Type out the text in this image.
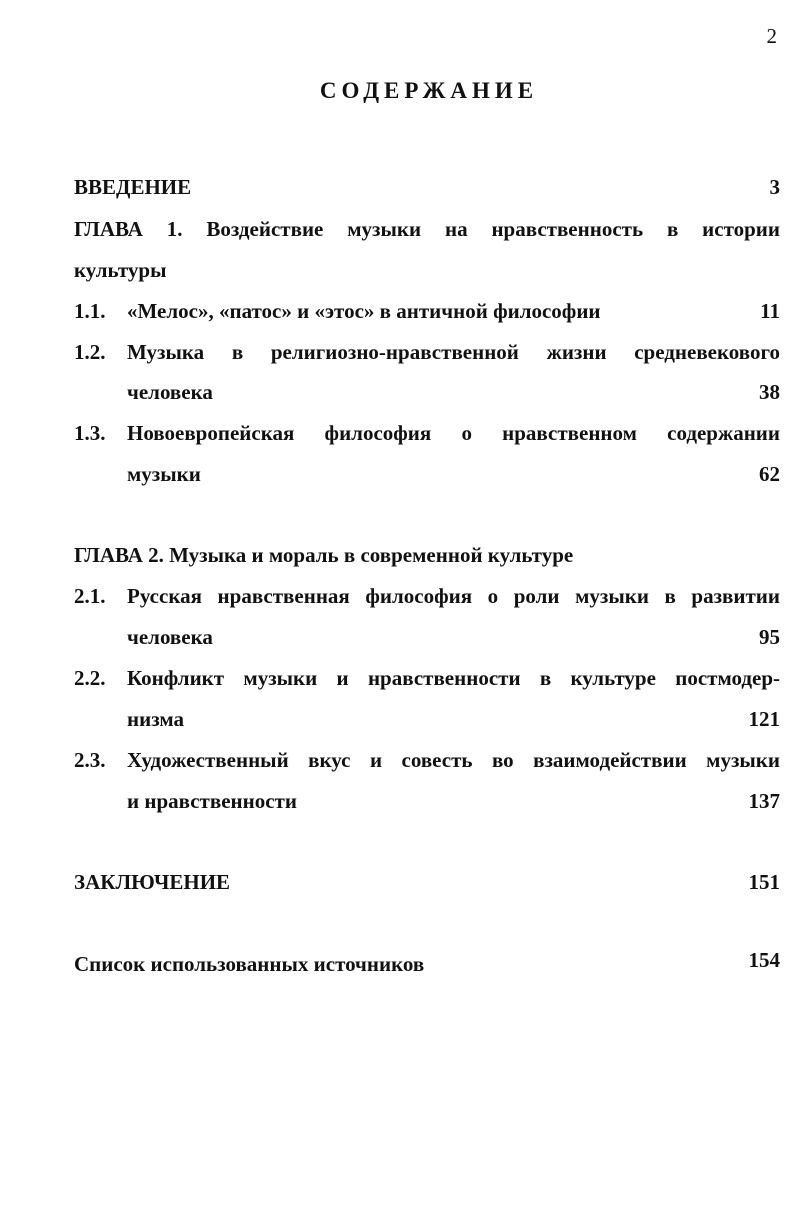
2
СОДЕРЖАНИЕ
ВВЕДЕНИЕ	3
ГЛАВА 1. Воздействие музыки на нравственность в истории
культуры
1.1. «Мелос», «патос» и «этос» в античной философии	11
1.2. Музыка в религиозно-нравственной жизни средневекового
человека	38
1.3. Новоевропейская философия о нравственном содержании
музыки	62
ГЛАВА 2. Музыка и мораль в современной культуре
2.1. Русская нравственная философия о роли музыки в развитии
человека	95
2.2. Конфликт музыки и нравственности в культуре постмодер-
низма	121
2.3. Художественный вкус и совесть во взаимодействии музыки
и нравственности	137
ЗАКЛЮЧЕНИЕ	151
Список использованных источников	154
